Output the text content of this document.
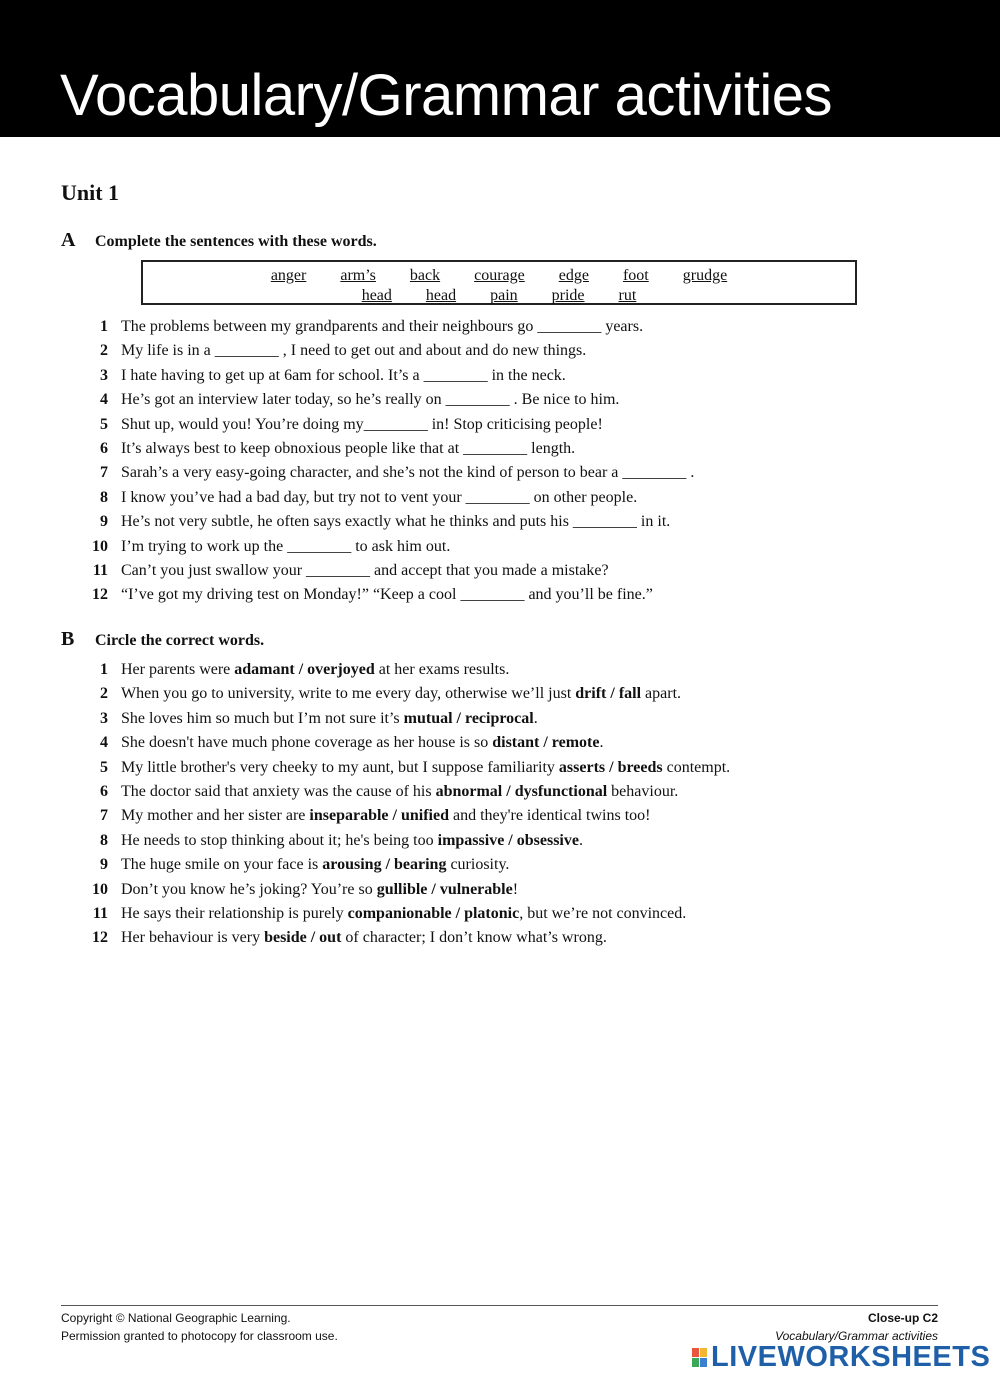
Vocabulary/Grammar activities
Unit 1
A Complete the sentences with these words.
anger arm’s back courage edge foot grudge
head head pain pride rut
1 The problems between my grandparents and their neighbours go ________ years.
2 My life is in a ________ , I need to get out and about and do new things.
3 I hate having to get up at 6am for school. It’s a ________ in the neck.
4 He’s got an interview later today, so he’s really on ________ . Be nice to him.
5 Shut up, would you! You’re doing my________ in! Stop criticising people!
6 It’s always best to keep obnoxious people like that at ________ length.
7 Sarah’s a very easy-going character, and she’s not the kind of person to bear a ________ .
8 I know you’ve had a bad day, but try not to vent your ________ on other people.
9 He’s not very subtle, he often says exactly what he thinks and puts his ________ in it.
10 I’m trying to work up the ________ to ask him out.
11 Can’t you just swallow your ________ and accept that you made a mistake?
12 “I’ve got my driving test on Monday!” “Keep a cool ________ and you’ll be fine.”
B Circle the correct words.
1 Her parents were adamant / overjoyed at her exams results.
2 When you go to university, write to me every day, otherwise we’ll just drift / fall apart.
3 She loves him so much but I’m not sure it’s mutual / reciprocal.
4 She doesn't have much phone coverage as her house is so distant / remote.
5 My little brother's very cheeky to my aunt, but I suppose familiarity asserts / breeds contempt.
6 The doctor said that anxiety was the cause of his abnormal / dysfunctional behaviour.
7 My mother and her sister are inseparable / unified and they're identical twins too!
8 He needs to stop thinking about it; he's being too impassive / obsessive.
9 The huge smile on your face is arousing / bearing curiosity.
10 Don’t you know he’s joking? You’re so gullible / vulnerable!
11 He says their relationship is purely companionable / platonic, but we’re not convinced.
12 Her behaviour is very beside / out of character; I don’t know what’s wrong.
Copyright © National Geographic Learning.
Permission granted to photocopy for classroom use.
Close-up C2
Vocabulary/Grammar activities
LIVEWORKSHEETS
